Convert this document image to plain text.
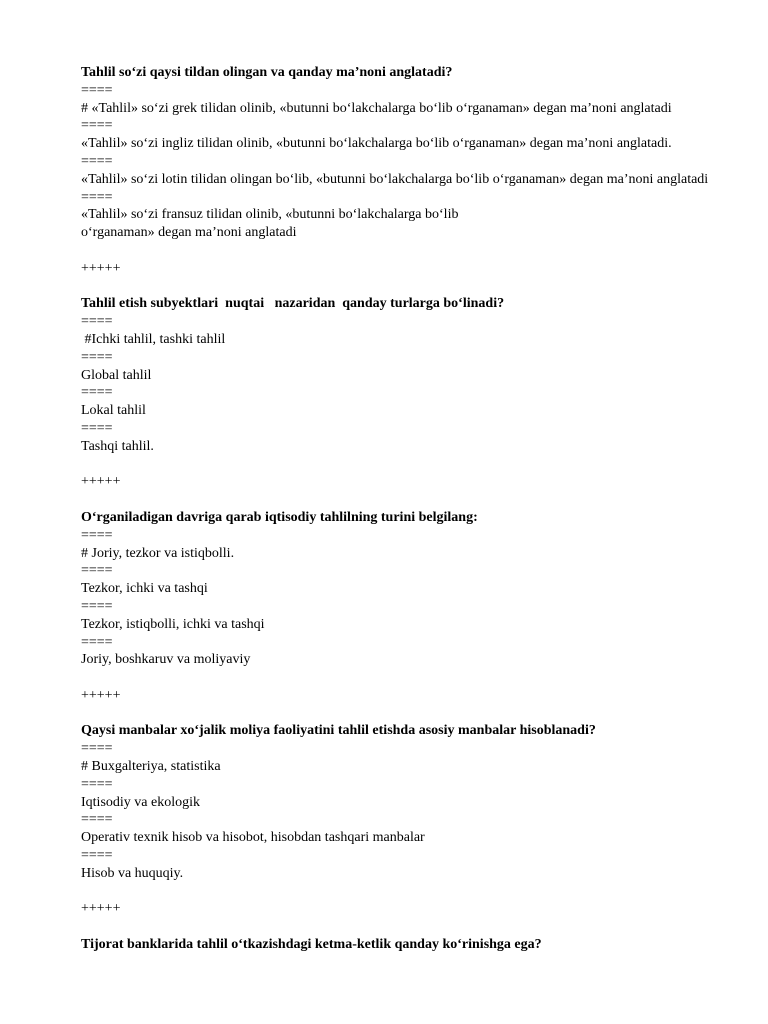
Tahlil so‘zi qaysi tildan olingan va qanday ma’noni anglatadi?
====
# «Tahlil» so‘zi grek tilidan olinib, «butunni bo‘lakchalarga bo‘lib o‘rganaman» degan ma’noni anglatadi
====
«Tahlil» so‘zi ingliz tilidan olinib, «butunni bo‘lakchalarga bo‘lib o‘rganaman» degan ma’noni anglatadi.
====
«Tahlil» so‘zi lotin tilidan olingan bo‘lib, «butunni bo‘lakchalarga bo‘lib o‘rganaman» degan ma’noni anglatadi
====
«Tahlil» so‘zi fransuz tilidan olinib, «butunni bo‘lakchalarga bo‘lib
o‘rganaman» degan ma’noni anglatadi
+++++
Tahlil etish subyektlari  nuqtai   nazaridan  qanday turlarga bo‘linadi?
====
#Ichki tahlil, tashki tahlil
====
Global tahlil
====
Lokal tahlil
====
Tashqi tahlil.
+++++
O‘rganiladigan davriga qarab iqtisodiy tahlilning turini belgilang:
====
# Joriy, tezkor va istiqbolli.
====
Tezkor, ichki va tashqi
====
Tezkor, istiqbolli, ichki va tashqi
====
Joriy, boshkaruv va moliyaviy
+++++
Qaysi manbalar xo‘jalik moliya faoliyatini tahlil etishda asosiy manbalar hisoblanadi?
====
# Buxgalteriya, statistika
====
Iqtisodiy va ekologik
====
Operativ texnik hisob va hisobot, hisobdan tashqari manbalar
====
Hisob va huquqiy.
+++++
Tijorat banklarida tahlil o‘tkazishdagi ketma-ketlik qanday ko‘rinishga ega?
